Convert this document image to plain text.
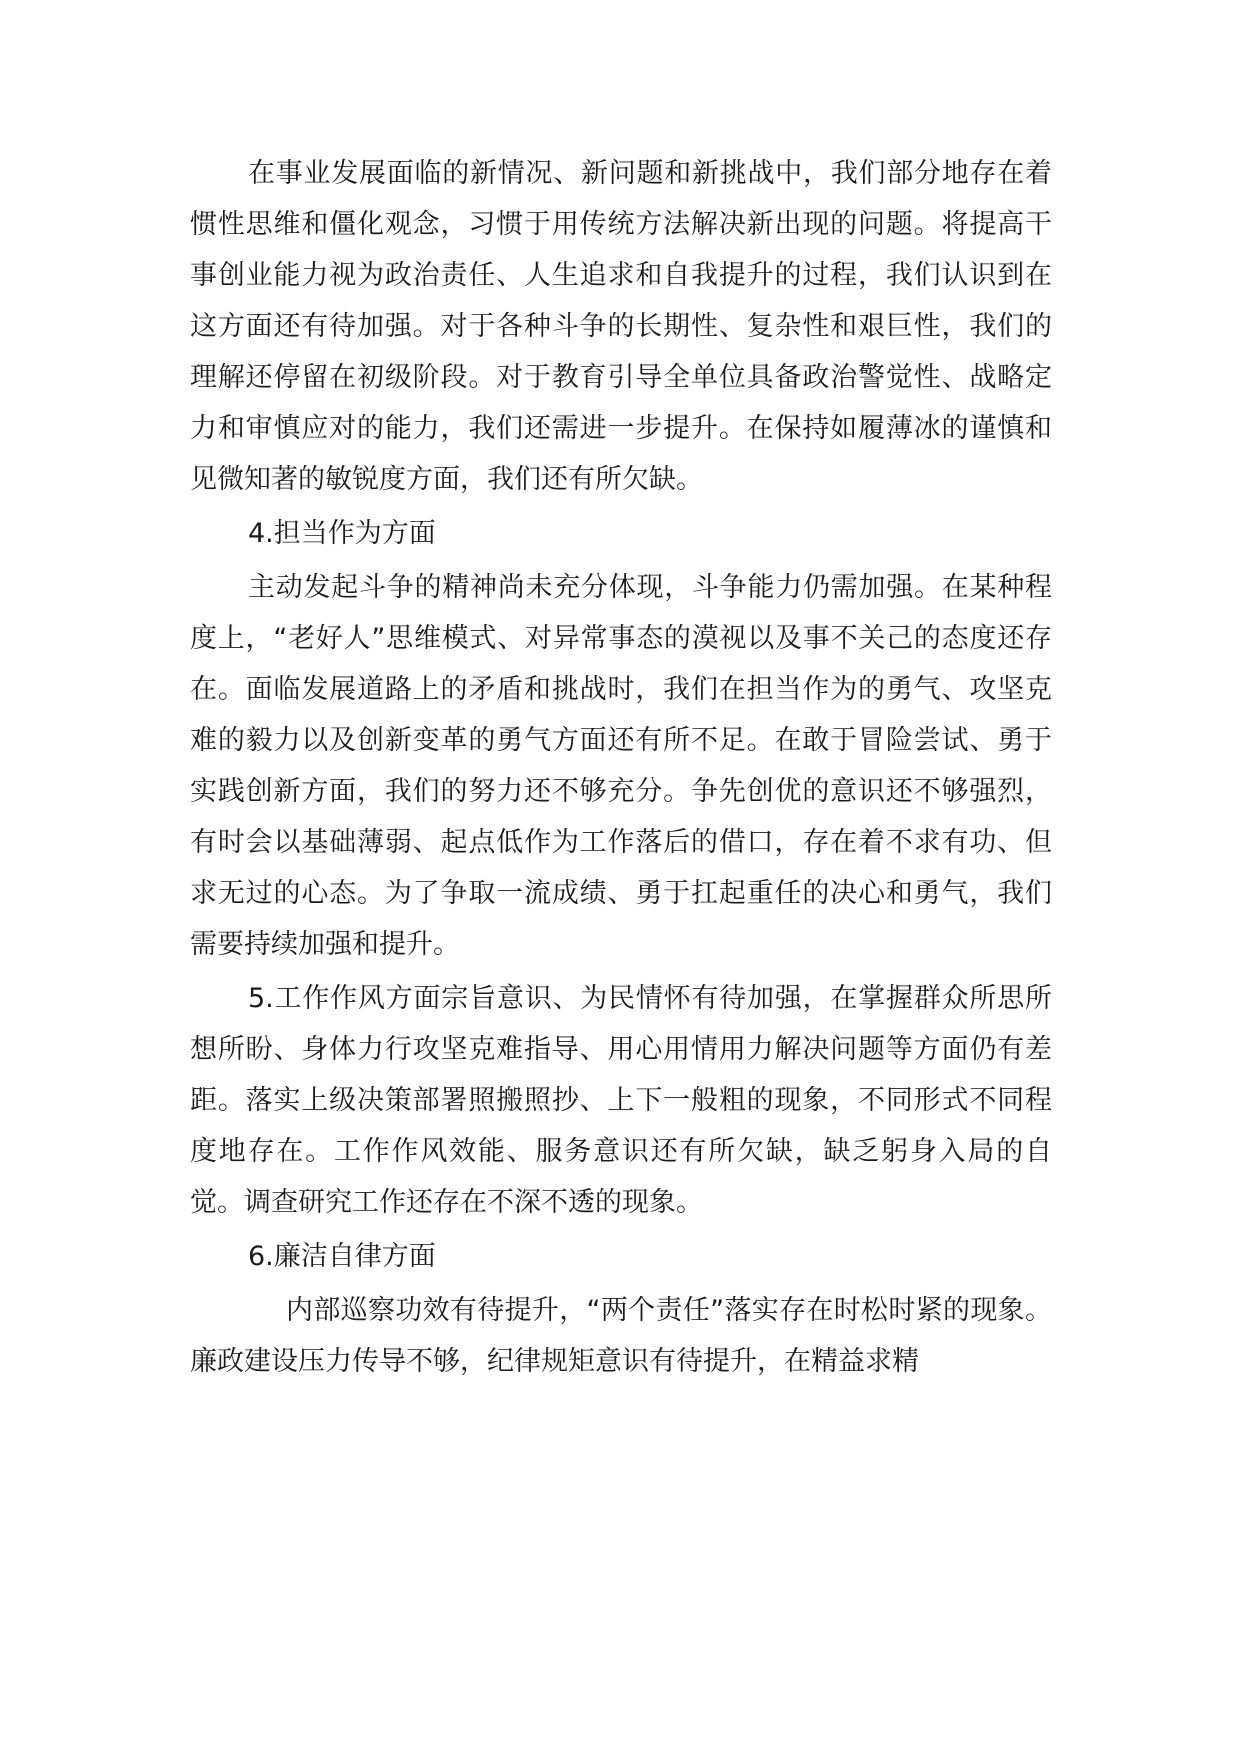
在事业发展面临的新情况、新问题和新挑战中，我们部分地存在着惯性思维和僵化观念，习惯于用传统方法解决新出现的问题。将提高干事创业能力视为政治责任、人生追求和自我提升的过程，我们认识到在这方面还有待加强。对于各种斗争的长期性、复杂性和艰巨性，我们的理解还停留在初级阶段。对于教育引导全单位具备政治警觉性、战略定力和审慎应对的能力，我们还需进一步提升。在保持如履薄冰的谨慎和见微知著的敏锐度方面，我们还有所欠缺。

4.担当作为方面

主动发起斗争的精神尚未充分体现，斗争能力仍需加强。在某种程度上，“老好人”思维模式、对异常事态的漠视以及事不关己的态度还存在。面临发展道路上的矛盾和挑战时，我们在担当作为的勇气、攻坚克难的毅力以及创新变革的勇气方面还有所不足。在敢于冒险尝试、勇于实践创新方面，我们的努力还不够充分。争先创优的意识还不够强烈，有时会以基础薄弱、起点低作为工作落后的借口，存在着不求有功、但求无过的心态。为了争取一流成绩、勇于扛起重任的决心和勇气，我们需要持续加强和提升。

5.工作作风方面宗旨意识、为民情怀有待加强，在掌握群众所思所想所盼、身体力行攻坚克难指导、用心用情用力解决问题等方面仍有差距。落实上级决策部署照搬照抄、上下一般粗的现象，不同形式不同程度地存在。工作作风效能、服务意识还有所欠缺，缺乏躬身入局的自觉。调查研究工作还存在不深不透的现象。

6.廉洁自律方面

内部巡察功效有待提升，“两个责任”落实存在时松时紧的现象。廉政建设压力传导不够，纪律规矩意识有待提升，在精益求精
